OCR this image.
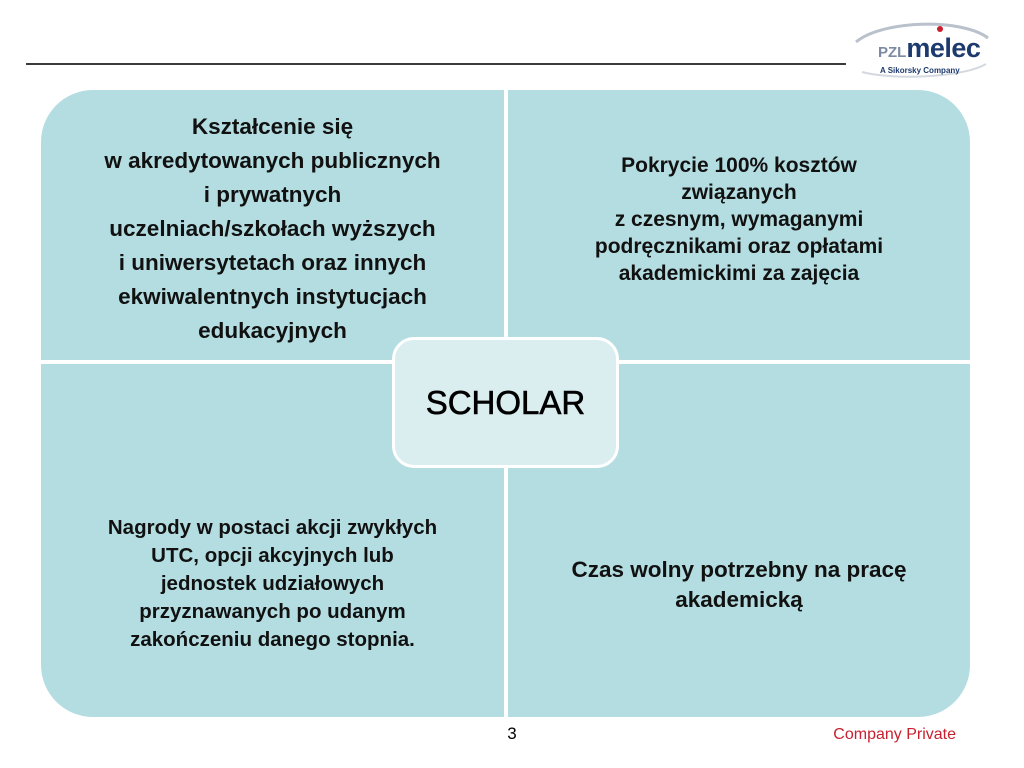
PZLmelec
A Sikorsky Company
Kształcenie się
w akredytowanych publicznych
i prywatnych
uczelniach/szkołach wyższych
i uniwersytetach oraz innych
ekwiwalentnych instytucjach
edukacyjnych
Pokrycie 100% kosztów
związanych
z czesnym, wymaganymi
podręcznikami oraz opłatami
akademickimi za zajęcia
Nagrody w postaci akcji zwykłych
UTC, opcji akcyjnych lub
jednostek udziałowych
przyznawanych po udanym
zakończeniu danego stopnia.
Czas wolny potrzebny na pracę
akademicką
SCHOLAR
3	Company Private
